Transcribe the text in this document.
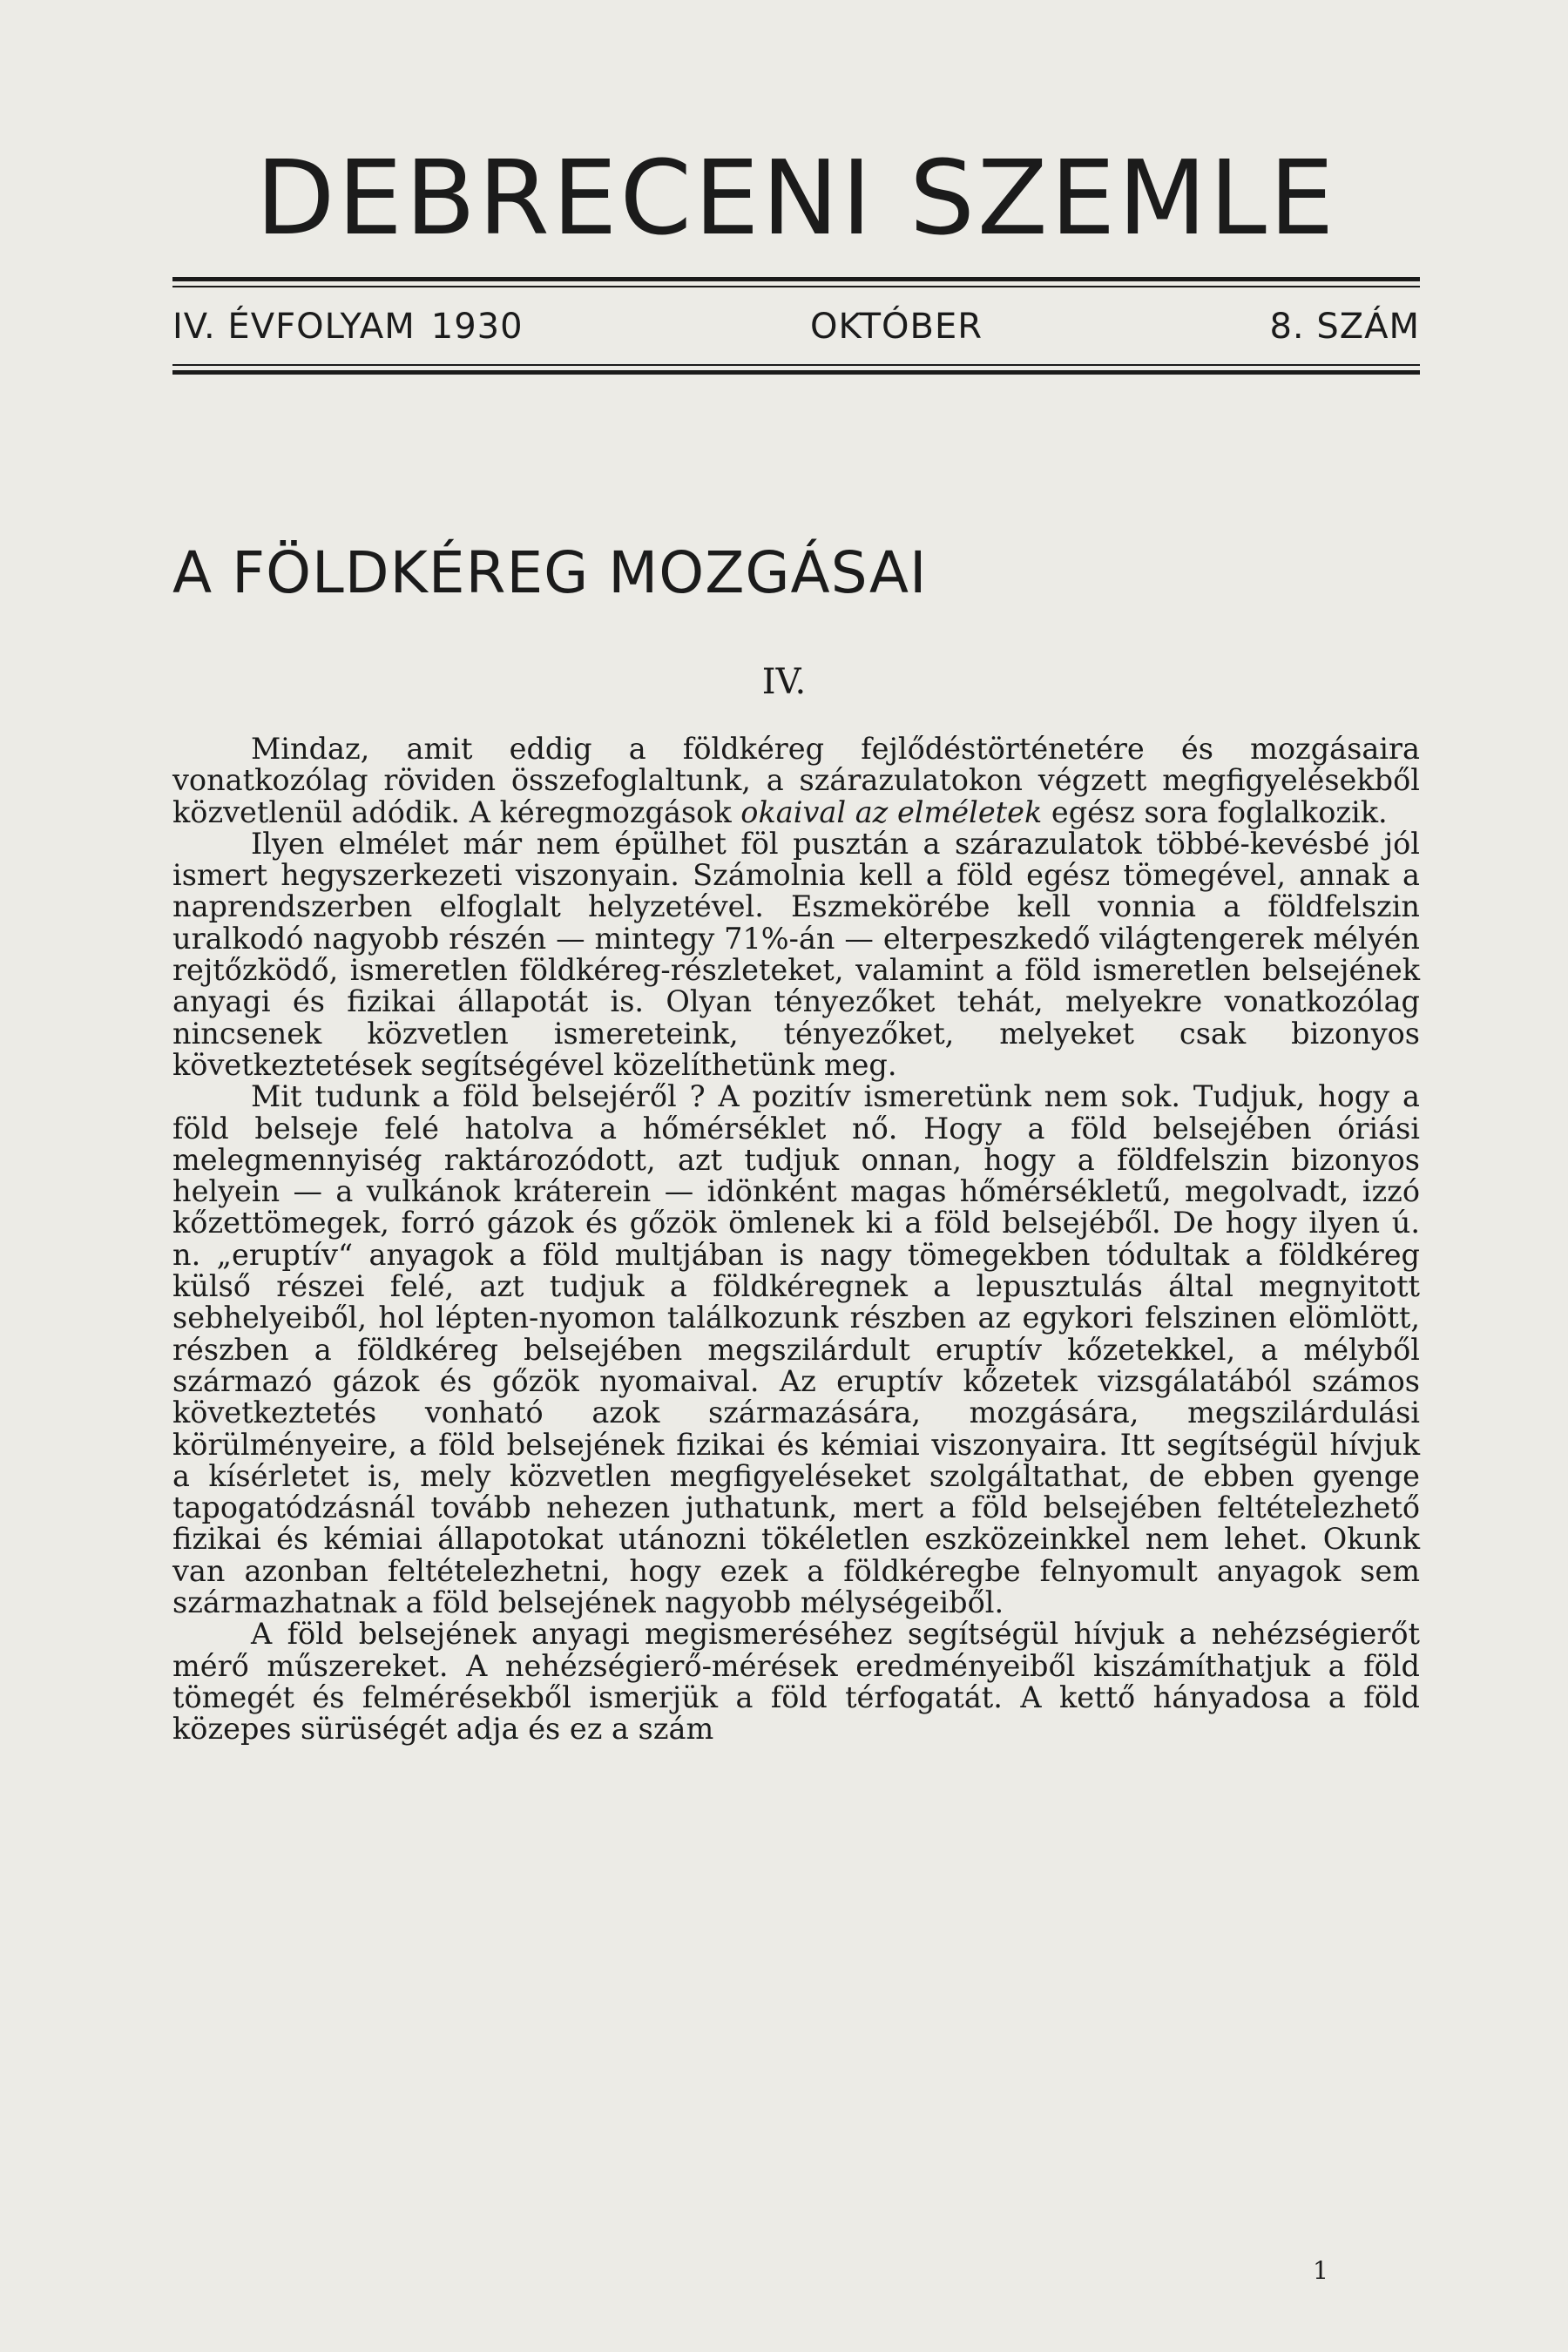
DEBRECENI SZEMLE
IV. ÉVFOLYAM 1930	OKTÓBER	8. SZÁM
A FÖLDKÉREG MOZGÁSAI
IV.

Mindaz, amit eddig a földkéreg fejlődéstörténetére és mozgásaira vonatkozólag röviden összefoglaltunk, a szárazulatokon végzett megfigyelésekből közvetlenül adódik. A kéregmozgások okaival az elméletek egész sora foglalkozik.

Ilyen elmélet már nem épülhet föl pusztán a szárazulatok többé-kevésbé jól ismert hegyszerkezeti viszonyain. Számolnia kell a föld egész tömegével, annak a naprendszerben elfoglalt helyzetével. Eszmekörébe kell vonnia a földfelszin uralkodó nagyobb részén — mintegy 71%-án — elterpeszkedő világtengerek mélyén rejtőzködő, ismeretlen földkéreg-részleteket, valamint a föld ismeretlen belsejének anyagi és fizikai állapotát is. Olyan tényezőket tehát, melyekre vonatkozólag nincsenek közvetlen ismereteink, tényezőket, melyeket csak bizonyos következtetések segítségével közelíthetünk meg.

Mit tudunk a föld belsejéről ? A pozitív ismeretünk nem sok. Tudjuk, hogy a föld belseje felé hatolva a hőmérséklet nő. Hogy a föld belsejében óriási melegmennyiség raktározódott, azt tudjuk onnan, hogy a földfelszin bizonyos helyein — a vulkánok kráterein — idönként magas hőmérsékletű, megolvadt, izzó kőzettömegek, forró gázok és gőzök ömlenek ki a föld belsejéből. De hogy ilyen ú. n. „eruptív“ anyagok a föld multjában is nagy tömegekben tódultak a földkéreg külső részei felé, azt tudjuk a földkéregnek a lepusztulás által megnyitott sebhelyeiből, hol lépten-nyomon találkozunk részben az egykori felszinen elömlött, részben a földkéreg belsejében megszilárdult eruptív kőzetekkel, a mélyből származó gázok és gőzök nyomaival. Az eruptív kőzetek vizsgálatából számos következtetés vonható azok származására, mozgására, megszilárdulási körülményeire, a föld belsejének fizikai és kémiai viszonyaira. Itt segítségül hívjuk a kísérletet is, mely közvetlen megfigyeléseket szolgáltathat, de ebben gyenge tapogatódzásnál tovább nehezen juthatunk, mert a föld belsejében feltételezhető fizikai és kémiai állapotokat utánozni tökéletlen eszközeinkkel nem lehet. Okunk van azonban feltételezhetni, hogy ezek a földkéregbe felnyomult anyagok sem származhatnak a föld belsejének nagyobb mélységeiből.

A föld belsejének anyagi megismeréséhez segítségül hívjuk a nehézségierőt mérő műszereket. A nehézségierő-mérések eredményeiből kiszámíthatjuk a föld tömegét és felmérésekből ismerjük a föld térfogatát. A kettő hányadosa a föld közepes sürüségét adja és ez a szám

1
